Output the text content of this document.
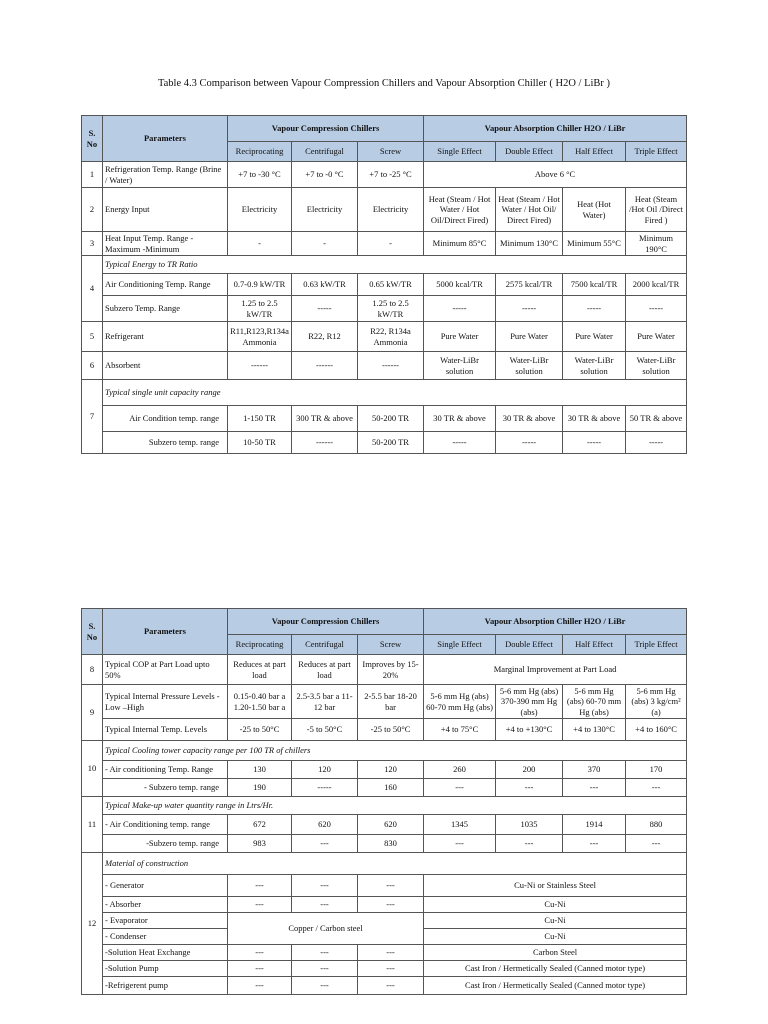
Table 4.3 Comparison between Vapour Compression Chillers and Vapour Absorption Chiller ( H2O / LiBr )
S. No	Parameters	Vapour Compression Chillers			Vapour Absorption Chiller H2O / LiBr			
		Reciprocating	Centrifugal	Screw	Single Effect	Double Effect	Half Effect	Triple Effect
1	Refrigeration Temp. Range (Brine / Water)	+7 to -30 °C	+7 to -0 °C	+7 to -25 °C	Above 6 °C			
2	Energy Input	Electricity	Electricity	Electricity	Heat (Steam / Hot Water / Hot Oil/Direct Fired)	Heat (Steam / Hot Water / Hot Oil/ Direct Fired)	Heat (Hot Water)	Heat (Steam /Hot Oil /Direct Fired )
3	Heat Input Temp. Range -Maximum -Minimum	-	-	-	Minimum 85°C	Minimum 130°C	Minimum 55°C	Minimum 190°C
4	Typical Energy to TR Ratio							
	Air Conditioning Temp. Range	0.7-0.9 kW/TR	0.63 kW/TR	0.65 kW/TR	5000 kcal/TR	2575 kcal/TR	7500 kcal/TR	2000 kcal/TR
	Subzero Temp. Range	1.25 to 2.5 kW/TR	-----	1.25 to 2.5 kW/TR	-----	-----	-----	-----
5	Refrigerant	R11,R123,R134a Ammonia	R22, R12	R22, R134a Ammonia	Pure Water	Pure Water	Pure Water	Pure Water
6	Absorbent	------	------	------	Water-LiBr solution	Water-LiBr solution	Water-LiBr solution	Water-LiBr solution
7	Typical single unit capacity range							
	Air Condition temp. range	1-150 TR	300 TR & above	50-200 TR	30 TR & above	30 TR & above	30 TR & above	50 TR & above
	Subzero temp. range	10-50 TR	------	50-200 TR	-----	-----	-----	-----
S. No	Parameters	Vapour Compression Chillers			Vapour Absorption Chiller H2O / LiBr			
		Reciprocating	Centrifugal	Screw	Single Effect	Double Effect	Half Effect	Triple Effect
8	Typical COP at Part Load upto 50%	Reduces at part load	Reduces at part load	Improves by 15-20%	Marginal Improvement at Part Load			
9	Typical Internal Pressure Levels -Low –High	0.15-0.40 bar a 1.20-1.50 bar a	2.5-3.5 bar a 11-12 bar	2-5.5 bar 18-20 bar	5-6 mm Hg (abs) 60-70 mm Hg (abs)	5-6 mm Hg (abs) 370-390 mm Hg (abs)	5-6 mm Hg (abs) 60-70 mm Hg (abs)	5-6 mm Hg (abs) 3 kg/cm² (a)
	Typical Internal Temp. Levels	-25 to 50°C	-5 to 50°C	-25 to 50°C	+4 to 75°C	+4 to +130°C	+4 to 130°C	+4 to 160°C
10	Typical Cooling tower capacity range per 100 TR of chillers							
	- Air conditioning Temp. Range	130	120	120	260	200	370	170
	- Subzero temp. range	190	-----	160	---	---	---	---
11	Typical Make-up water quantity range in Ltrs/Hr.							
	- Air Conditioning temp. range	672	620	620	1345	1035	1914	880
	-Subzero temp. range	983	---	830	---	---	---	---
12	Material of construction							
	- Generator	---	---	---	Cu-Ni or Stainless Steel			
	- Absorber	---	---	---	Cu-Ni			
	- Evaporator	Copper / Carbon steel			Cu-Ni			
	- Condenser				Cu-Ni			
	-Solution Heat Exchange	---	---	---	Carbon Steel			
	-Solution Pump	---	---	---	Cast Iron / Hermetically Sealed (Canned motor type)			
	-Refrigerent pump	---	---	---	Cast Iron / Hermetically Sealed (Canned motor type)			
